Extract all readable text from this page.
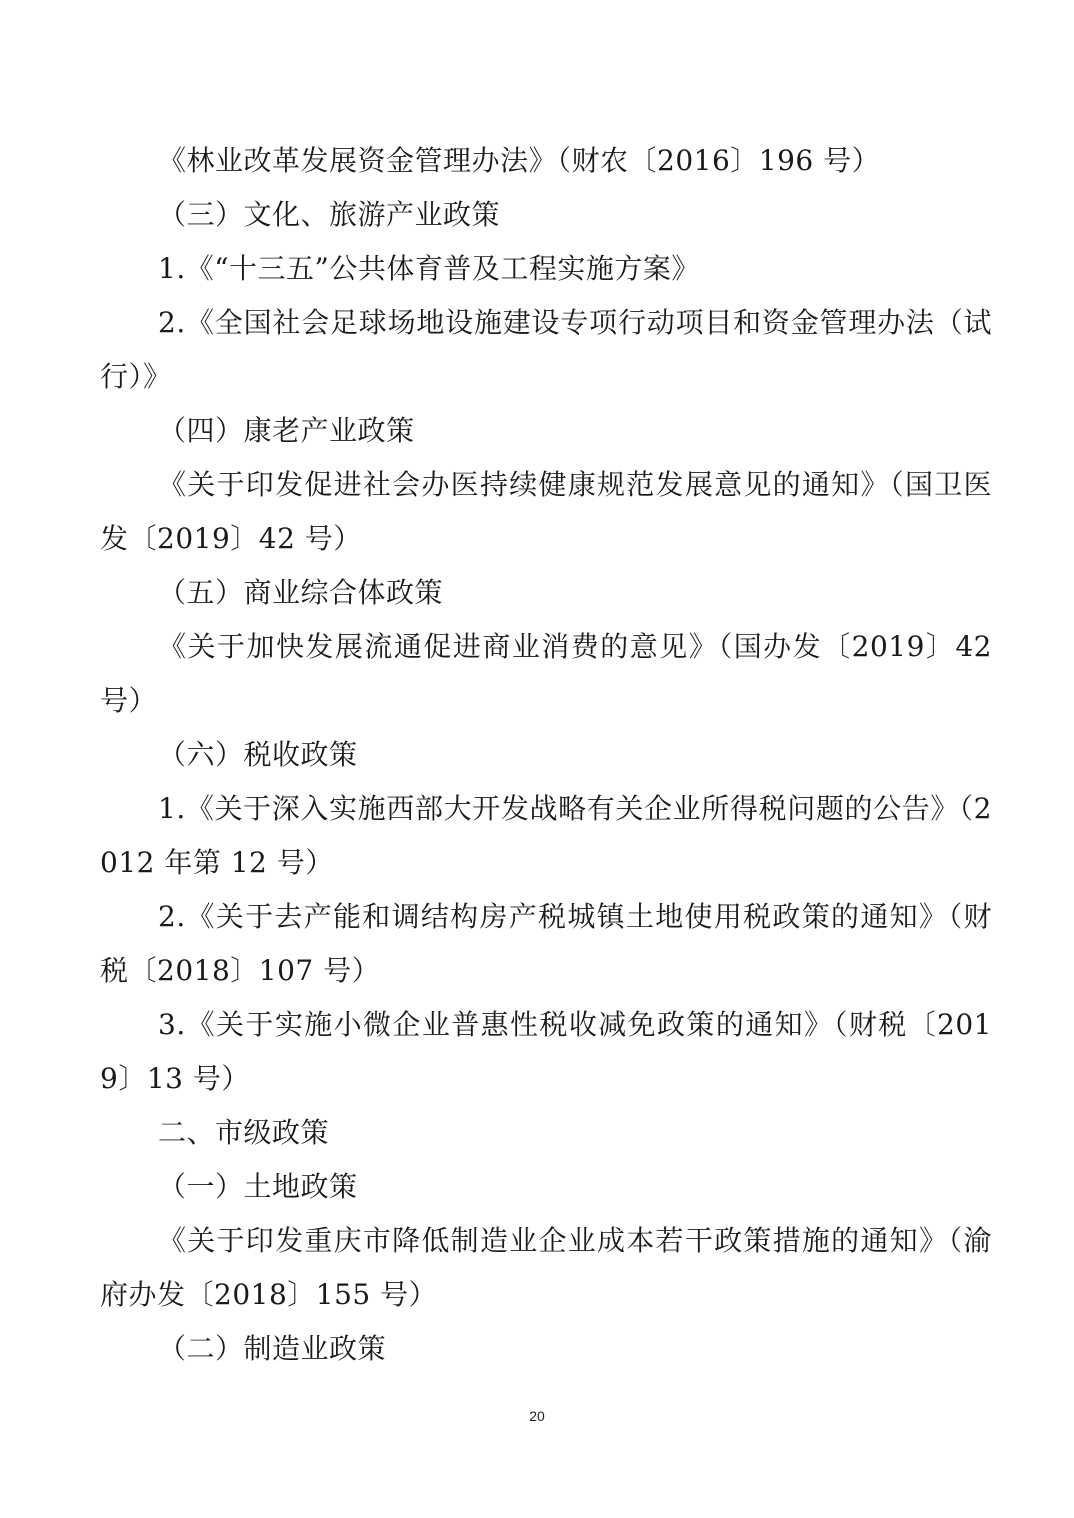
《林业改革发展资金管理办法》（财农〔2016〕196 号）

（三）文化、旅游产业政策

1.《“十三五”公共体育普及工程实施方案》

2.《全国社会足球场地设施建设专项行动项目和资金管理办法（试行）》

（四）康老产业政策

《关于印发促进社会办医持续健康规范发展意见的通知》（国卫医发〔2019〕42 号）

（五）商业综合体政策

《关于加快发展流通促进商业消费的意见》（国办发〔2019〕42 号）

（六）税收政策

1.《关于深入实施西部大开发战略有关企业所得税问题的公告》（2012 年第 12 号）

2.《关于去产能和调结构房产税城镇土地使用税政策的通知》（财税〔2018〕107 号）

3.《关于实施小微企业普惠性税收减免政策的通知》（财税〔2019〕13 号）

二、市级政策

（一）土地政策

《关于印发重庆市降低制造业企业成本若干政策措施的通知》（渝府办发〔2018〕155 号）

（二）制造业政策

20
